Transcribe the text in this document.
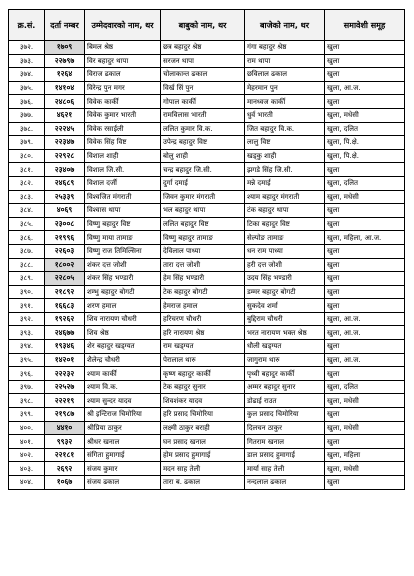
क्र.सं.	दर्ता नम्बर	उम्मेदवारको नाम, थर	बाबुको नाम, थर	बाजेको नाम, थर	समावेशी समूह
३७२.	१७०९	बिमल श्रेष्ठ	छत्र बहादुर श्रेष्ठ	गंगा बहादुर श्रेष्ठ	खुला
३७३.	२२७९७	विर बहादुर थापा	सरजन थापा	राम थापा	खुला
३७४.	१२६४	विराज ढकाल	चोलाकान्त ढकाल	छविलाल ढकाल	खुला
३७५.	१४१०४	विरेन्द्र पुन मगर	विर्ख सिं पुन	मेहरमान पुन	खुला, आ.ज.
३७६.	२४८०६	विवेक कार्की	गोपाल कार्की	मानध्वज कार्की	खुला
३७७.	४६२१	विवेक कुमार भारती	रामविलास भारती	धुर्व भारती	खुला, मधेसी
३७८.	२२२४५	विवेक रसाईली	ललित कुमार वि.क.	जित बहादुर वि.क.	खुला, दलित
३७९.	२२३४७	विवेक सिंह विष्ट	उपेन्द्र बहादुर विष्ट	लालु विष्ट	खुला, पि.क्षे.
३८०.	२२९२८	विशाल शाही	बोलु शाही	खड्कु शाही	खुला, पि.क्षे.
३८१.	२३४०७	विशाल जि.सी.	चन्द्र बहादुर जि.सी.	झगडे सिंह जि.सी.	खुला
३८२.	२४६८९	विशाल दर्जी	दुर्गा दमाई	मन्ने दमाई	खुला, दलित
३८३.	२५३३९	विश्वजित मंगराती	जिवन कुमार मंगराती	श्याम बहादुर मंगराती	खुला, मधेसी
३८४.	४०६९	विश्वास थापा	भल बहादुर थापा	टंक बहादुर थापा	खुला
३८५.	२३००८	विष्णु बहादुर विष्ट	ललित बहादुर विष्ट	टिका बहादुर विष्ट	खुला
३८६.	२१९९६	विष्णु माया तामाङ	विष्णु बहादुर तामाङ	सेल्पोङ तामाङ	खुला, महिला, आ.ज.
३८७.	२२६०३	विष्णु राज तिमिल्सिना	देविलाल पाध्या	धन राम पाध्या	खुला
३८८.	१८००२	शंकर दत्त जोशी	तारा दत्त जोशी	हरी दत्त जोशी	खुला
३८९.	२२८०५	शंकर सिंह भण्डारी	हेम सिंह भण्डारी	उदय सिंह भण्डारी	खुला
३९०.	२१८९२	शम्भु बहादुर बोगटी	टेक बहादुर बोगटी	डम्मर बहादुर बोगटी	खुला
३९१.	१६६८३	शरण हमाल	हेमराज हमाल	सुकदेव शर्मा	खुला
३९२.	१९२६२	शिव नारायण चौधरी	हरिचरण चौधरी	बुद्दिराम चौधरी	खुला, आ.ज.
३९३.	२४६७७	शिव श्रेष्ठ	हरि नारायण श्रेष्ठ	भरत नारायण भक्त श्रेष्ठ	खुला, आ.ज.
३९४.	१९३४६	शेर बहादुर खड्ग्यत	राम खड्ग्यत	धौली खड्ग्यत	खुला
३९५.	१४२०१	शैलेन्द्र चौधरी	पेरालाल थारु	जागुराम थारु	खुला, आ.ज.
३९६.	२२२३२	श्याम कार्की	कृष्ण बहादुर कार्की	पृथ्वी बहादुर कार्की	खुला
३९७.	२२५२७	श्याम वि.क.	टेक बहादुर सुनार	अम्मर बहादुर सुनार	खुला, दलित
३९८.	२२२१९	श्याम सुन्दर यादव	शिवशंकर यादव	डोढाई राउत	खुला, मधेसी
३९९.	२१९८७	श्री इन्टिराज चिमोरिया	हरि प्रसाद चिमोरिया	कुल प्रसाद चिमोरिया	खुला
४००.	४४१०	श्रीप्रिया ठाकुर	लक्ष्मी ठाकुर बराही	दिलचन ठाकुर	खुला, मधेसी
४०१.	९९३२	श्रीधर खनाल	घन प्रसाद खनाल	गितराम खनाल	खुला
४०२.	२२१८१	संगिता हुमागाई	होम प्रसाद हुमागाई	डाल प्रसाद हुमागाई	खुला, महिला
४०३.	२६९२	संजय कुमार	मदन साह तेली	मार्या साह तेली	खुला, मधेसी
४०४.	१०६७	संजय ढकाल	तारा ब. ढकाल	नन्दलाल ढकाल	खुला
